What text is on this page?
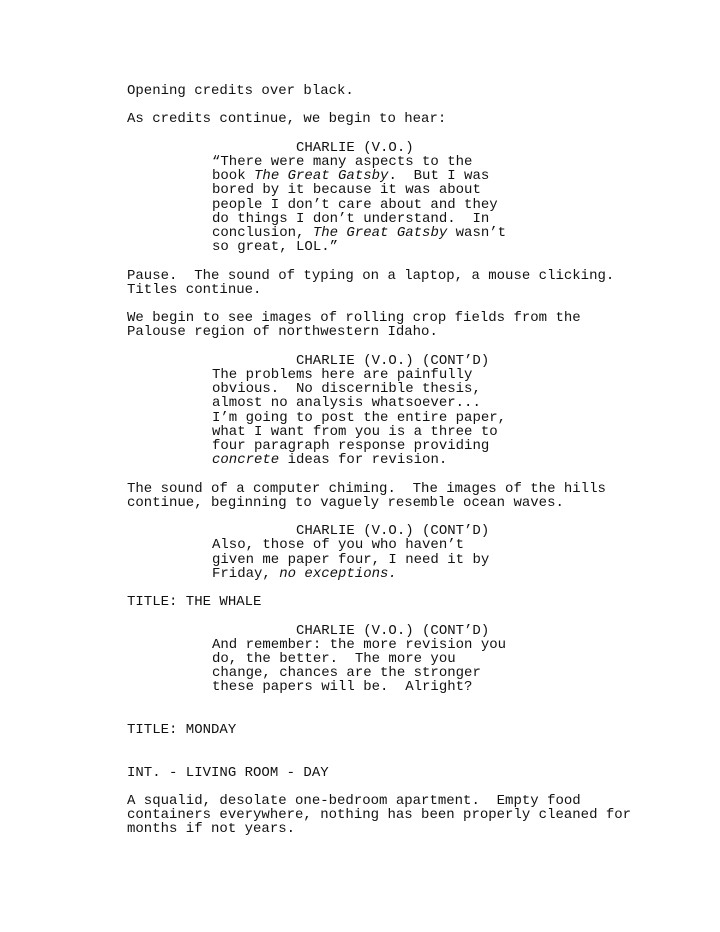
Opening credits over black.
As credits continue, we begin to hear:
CHARLIE (V.O.)
“There were many aspects to the
book The Great Gatsby.  But I was
bored by it because it was about
people I don’t care about and they
do things I don’t understand.  In
conclusion, The Great Gatsby wasn’t
so great, LOL.”
Pause.  The sound of typing on a laptop, a mouse clicking.
Titles continue.
We begin to see images of rolling crop fields from the
Palouse region of northwestern Idaho.
CHARLIE (V.O.) (CONT’D)
The problems here are painfully
obvious.  No discernible thesis,
almost no analysis whatsoever...
I’m going to post the entire paper,
what I want from you is a three to
four paragraph response providing
concrete ideas for revision.
The sound of a computer chiming.  The images of the hills
continue, beginning to vaguely resemble ocean waves.
CHARLIE (V.O.) (CONT’D)
Also, those of you who haven’t
given me paper four, I need it by
Friday, no exceptions.
TITLE: THE WHALE
CHARLIE (V.O.) (CONT’D)
And remember: the more revision you
do, the better.  The more you
change, chances are the stronger
these papers will be.  Alright?
TITLE: MONDAY
INT. - LIVING ROOM - DAY
A squalid, desolate one-bedroom apartment.  Empty food
containers everywhere, nothing has been properly cleaned for
months if not years.
